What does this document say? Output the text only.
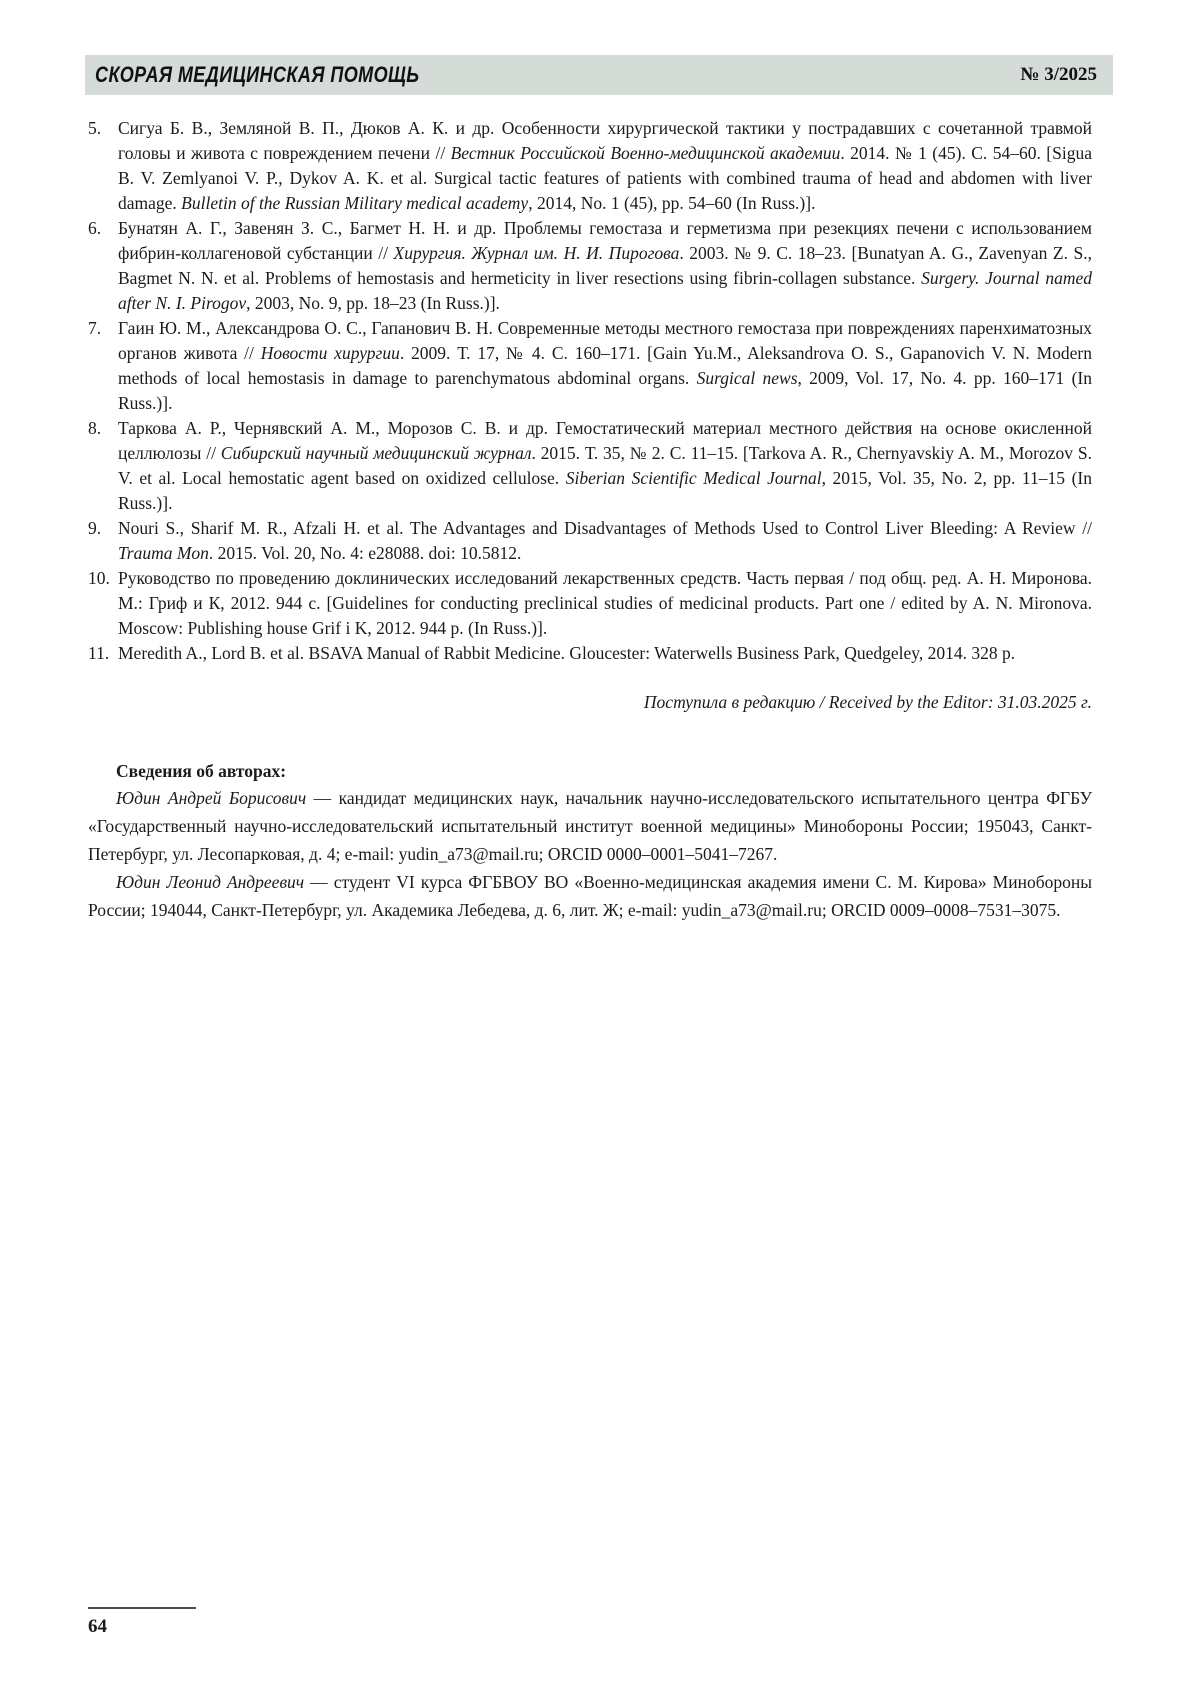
СКОРАЯ МЕДИЦИНСКАЯ ПОМОЩЬ	№ 3/2025
5. Сигуа Б. В., Земляной В. П., Дюков А. К. и др. Особенности хирургической тактики у пострадавших с сочетанной травмой головы и живота с повреждением печени // Вестник Российской Военно-медицинской академии. 2014. № 1 (45). С. 54–60. [Sigua B. V. Zemlyanoi V. P., Dykov A. K. et al. Surgical tactic features of patients with combined trauma of head and abdomen with liver damage. Bulletin of the Russian Military medical academy, 2014, No. 1 (45), pp. 54–60 (In Russ.)].
6. Бунатян А. Г., Завенян З. С., Багмет Н. Н. и др. Проблемы гемостаза и герметизма при резекциях печени с использованием фибрин-коллагеновой субстанции // Хирургия. Журнал им. Н. И. Пирогова. 2003. № 9. С. 18–23. [Bunatyan A. G., Zavenyan Z. S., Bagmet N. N. et al. Problems of hemostasis and hermeticity in liver resections using fibrin-collagen substance. Surgery. Journal named after N. I. Pirogov, 2003, No. 9, pp. 18–23 (In Russ.)].
7. Гаин Ю. М., Александрова О. С., Гапанович В. Н. Современные методы местного гемостаза при повреждениях паренхиматозных органов живота // Новости хирургии. 2009. Т. 17, № 4. С. 160–171. [Gain Yu.M., Aleksandrova O. S., Gapanovich V. N. Modern methods of local hemostasis in damage to parenchymatous abdominal organs. Surgical news, 2009, Vol. 17, No. 4. pp. 160–171 (In Russ.)].
8. Таркова А. Р., Чернявский А. М., Морозов С. В. и др. Гемостатический материал местного действия на основе окисленной целлюлозы // Сибирский научный медицинский журнал. 2015. Т. 35, № 2. С. 11–15. [Tarkova A. R., Chernyavskiy A. M., Morozov S. V. et al. Local hemostatic agent based on oxidized cellulose. Siberian Scientific Medical Journal, 2015, Vol. 35, No. 2, pp. 11–15 (In Russ.)].
9. Nouri S., Sharif M. R., Afzali H. et al. The Advantages and Disadvantages of Methods Used to Control Liver Bleeding: A Review // Trauma Mon. 2015. Vol. 20, No. 4: e28088. doi: 10.5812.
10. Руководство по проведению доклинических исследований лекарственных средств. Часть первая / под общ. ред. А. Н. Миронова. М.: Гриф и К, 2012. 944 с. [Guidelines for conducting preclinical studies of medicinal products. Part one / edited by A. N. Mironova. Moscow: Publishing house Grif i K, 2012. 944 p. (In Russ.)].
11. Meredith A., Lord B. et al. BSAVA Manual of Rabbit Medicine. Gloucester: Waterwells Business Park, Quedgeley, 2014. 328 p.

Поступила в редакцию / Received by the Editor: 31.03.2025 г.

Сведения об авторах:

Юдин Андрей Борисович — кандидат медицинских наук, начальник научно-исследовательского испытательного центра ФГБУ «Государственный научно-исследовательский испытательный институт военной медицины» Минобороны России; 195043, Санкт-Петербург, ул. Лесопарковая, д. 4; e-mail: yudin_a73@mail.ru; ORCID 0000–0001–5041–7267.

Юдин Леонид Андреевич — студент VI курса ФГБВОУ ВО «Военно-медицинская академия имени С. М. Кирова» Минобороны России; 194044, Санкт-Петербург, ул. Академика Лебедева, д. 6, лит. Ж; e-mail: yudin_a73@mail.ru; ORCID 0009–0008–7531–3075.

64
